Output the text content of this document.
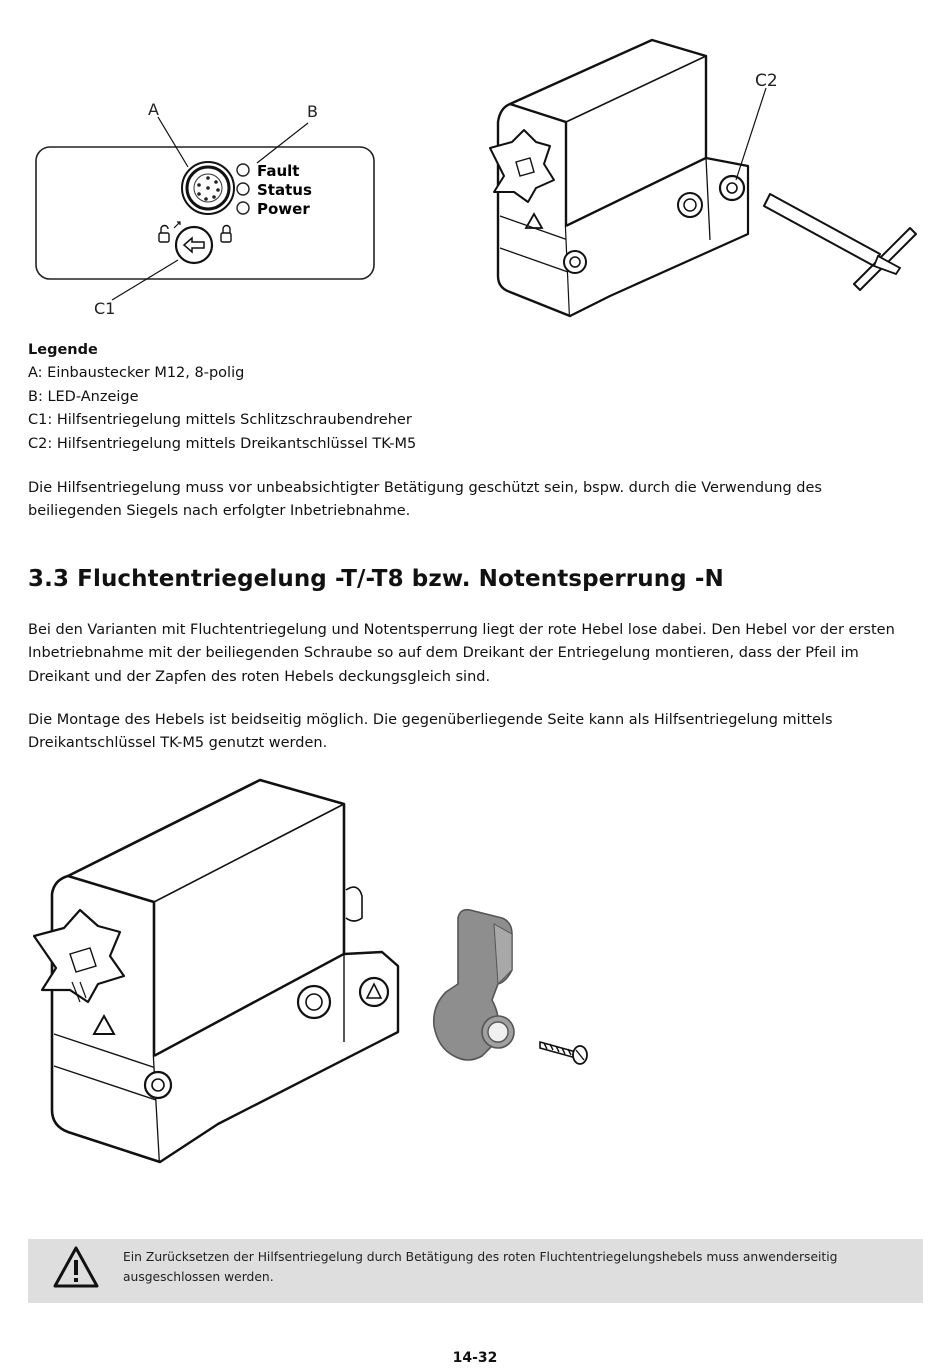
Fault
Status
Power
A	B
C1
C2
Legende
A: Einbaustecker M12, 8-polig
B: LED-Anzeige
C1: Hilfsentriegelung mittels Schlitzschraubendreher
C2: Hilfsentriegelung mittels Dreikantschlüssel TK-M5
Die Hilfsentriegelung muss vor unbeabsichtigter Betätigung geschützt sein, bspw. durch die Verwendung des beiliegenden Siegels nach erfolgter Inbetriebnahme.
3.3 Fluchtentriegelung -T/-T8 bzw. Notentsperrung -N
Bei den Varianten mit Fluchtentriegelung und Notentsperrung liegt der rote Hebel lose dabei. Den Hebel vor der ersten Inbetriebnahme mit der beiliegenden Schraube so auf dem Dreikant der Entriegelung montieren, dass der Pfeil im Dreikant und der Zapfen des roten Hebels deckungsgleich sind.
Die Montage des Hebels ist beidseitig möglich. Die gegenüberliegende Seite kann als Hilfsentriegelung mittels Dreikantschlüssel TK-M5 genutzt werden.
Ein Zurücksetzen der Hilfsentriegelung durch Betätigung des roten Fluchtentriegelungshebels muss anwenderseitig ausgeschlossen werden.
14-32
